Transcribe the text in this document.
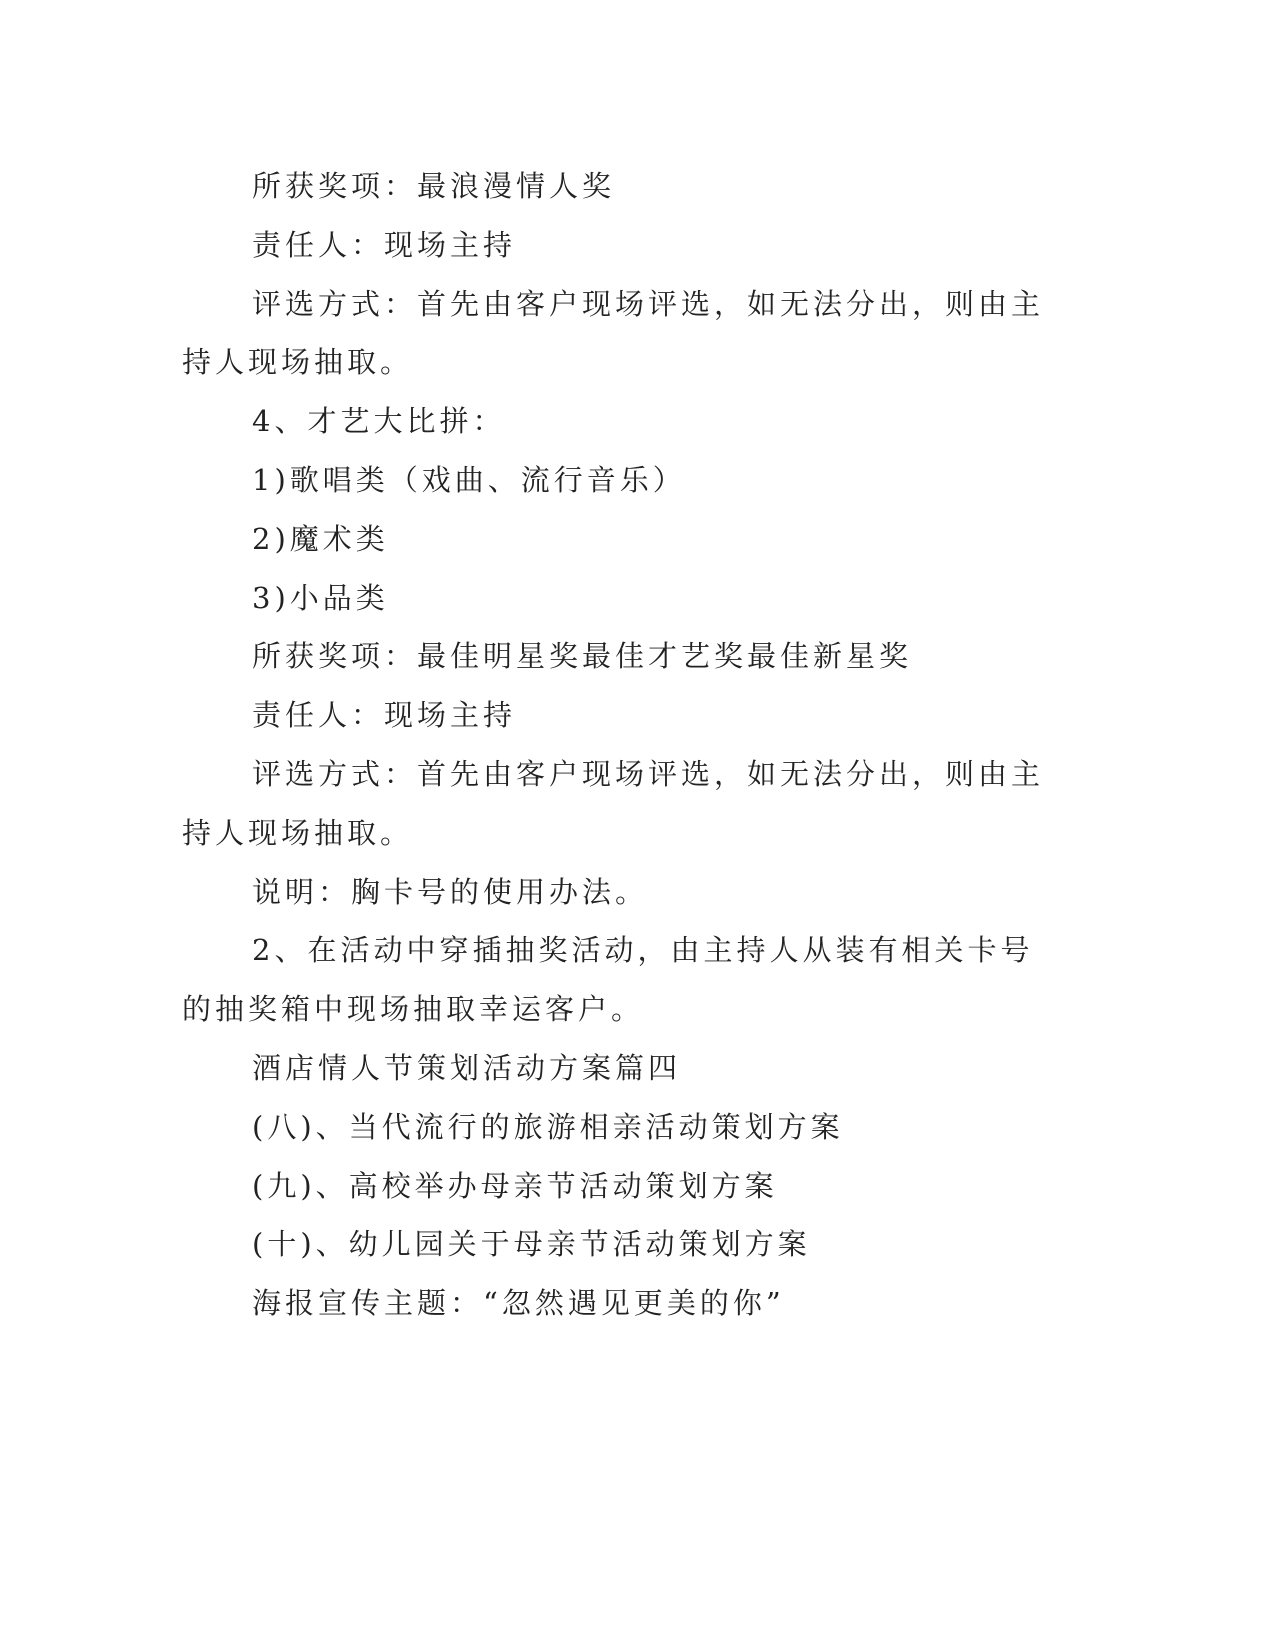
所获奖项：最浪漫情人奖

责任人：现场主持

评选方式：首先由客户现场评选，如无法分出，则由主持人现场抽取。

4、才艺大比拼：

1)歌唱类（戏曲、流行音乐）

2)魔术类

3)小品类

所获奖项：最佳明星奖最佳才艺奖最佳新星奖

责任人：现场主持

评选方式：首先由客户现场评选，如无法分出，则由主持人现场抽取。

说明：胸卡号的使用办法。

2、在活动中穿插抽奖活动，由主持人从装有相关卡号的抽奖箱中现场抽取幸运客户。

酒店情人节策划活动方案篇四

(八)、当代流行的旅游相亲活动策划方案

(九)、高校举办母亲节活动策划方案

(十)、幼儿园关于母亲节活动策划方案

海报宣传主题：“忽然遇见更美的你”
